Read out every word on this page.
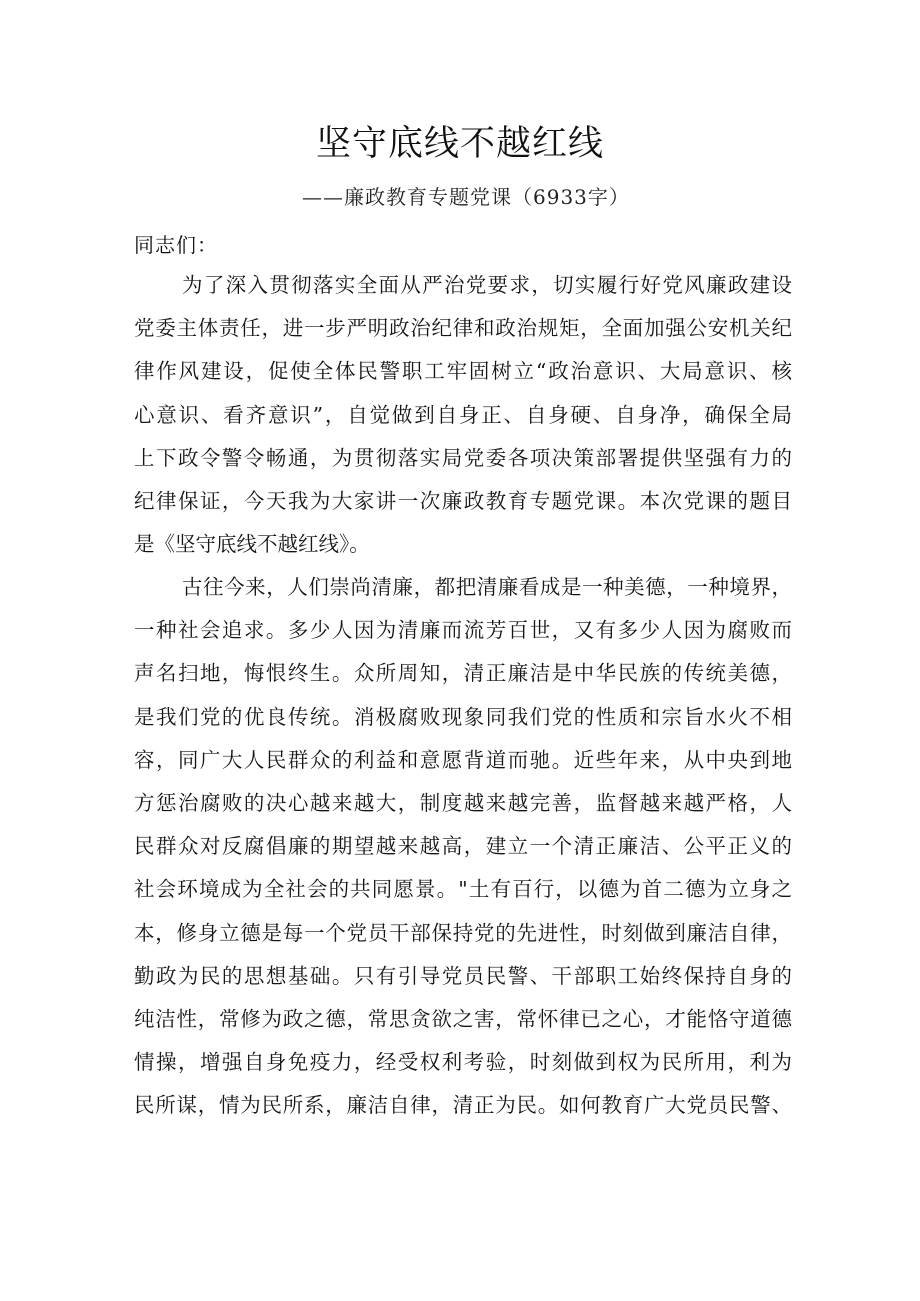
坚守底线不越红线
——廉政教育专题党课（6933字）
同志们：
为了深入贯彻落实全面从严治党要求，切实履行好党风廉政建设
党委主体责任，进一步严明政治纪律和政治规矩，全面加强公安机关纪
律作风建设，促使全体民警职工牢固树立“政治意识、大局意识、核
心意识、看齐意识”，自觉做到自身正、自身硬、自身净，确保全局
上下政令警令畅通，为贯彻落实局党委各项决策部署提供坚强有力的
纪律保证，今天我为大家讲一次廉政教育专题党课。本次党课的题目
是《坚守底线不越红线》。
古往今来，人们崇尚清廉，都把清廉看成是一种美德，一种境界，
一种社会追求。多少人因为清廉而流芳百世，又有多少人因为腐败而
声名扫地，悔恨终生。众所周知，清正廉洁是中华民族的传统美德，
是我们党的优良传统。消极腐败现象同我们党的性质和宗旨水火不相
容，同广大人民群众的利益和意愿背道而驰。近些年来，从中央到地
方惩治腐败的决心越来越大，制度越来越完善，监督越来越严格，人
民群众对反腐倡廉的期望越来越高，建立一个清正廉洁、公平正义的
社会环境成为全社会的共同愿景。"土有百行，以德为首二德为立身之
本，修身立德是每一个党员干部保持党的先进性，时刻做到廉洁自律，
勤政为民的思想基础。只有引导党员民警、干部职工始终保持自身的
纯洁性，常修为政之德，常思贪欲之害，常怀律已之心，才能恪守道德
情操，增强自身免疫力，经受权利考验，时刻做到权为民所用，利为
民所谋，情为民所系，廉洁自律，清正为民。如何教育广大党员民警、
